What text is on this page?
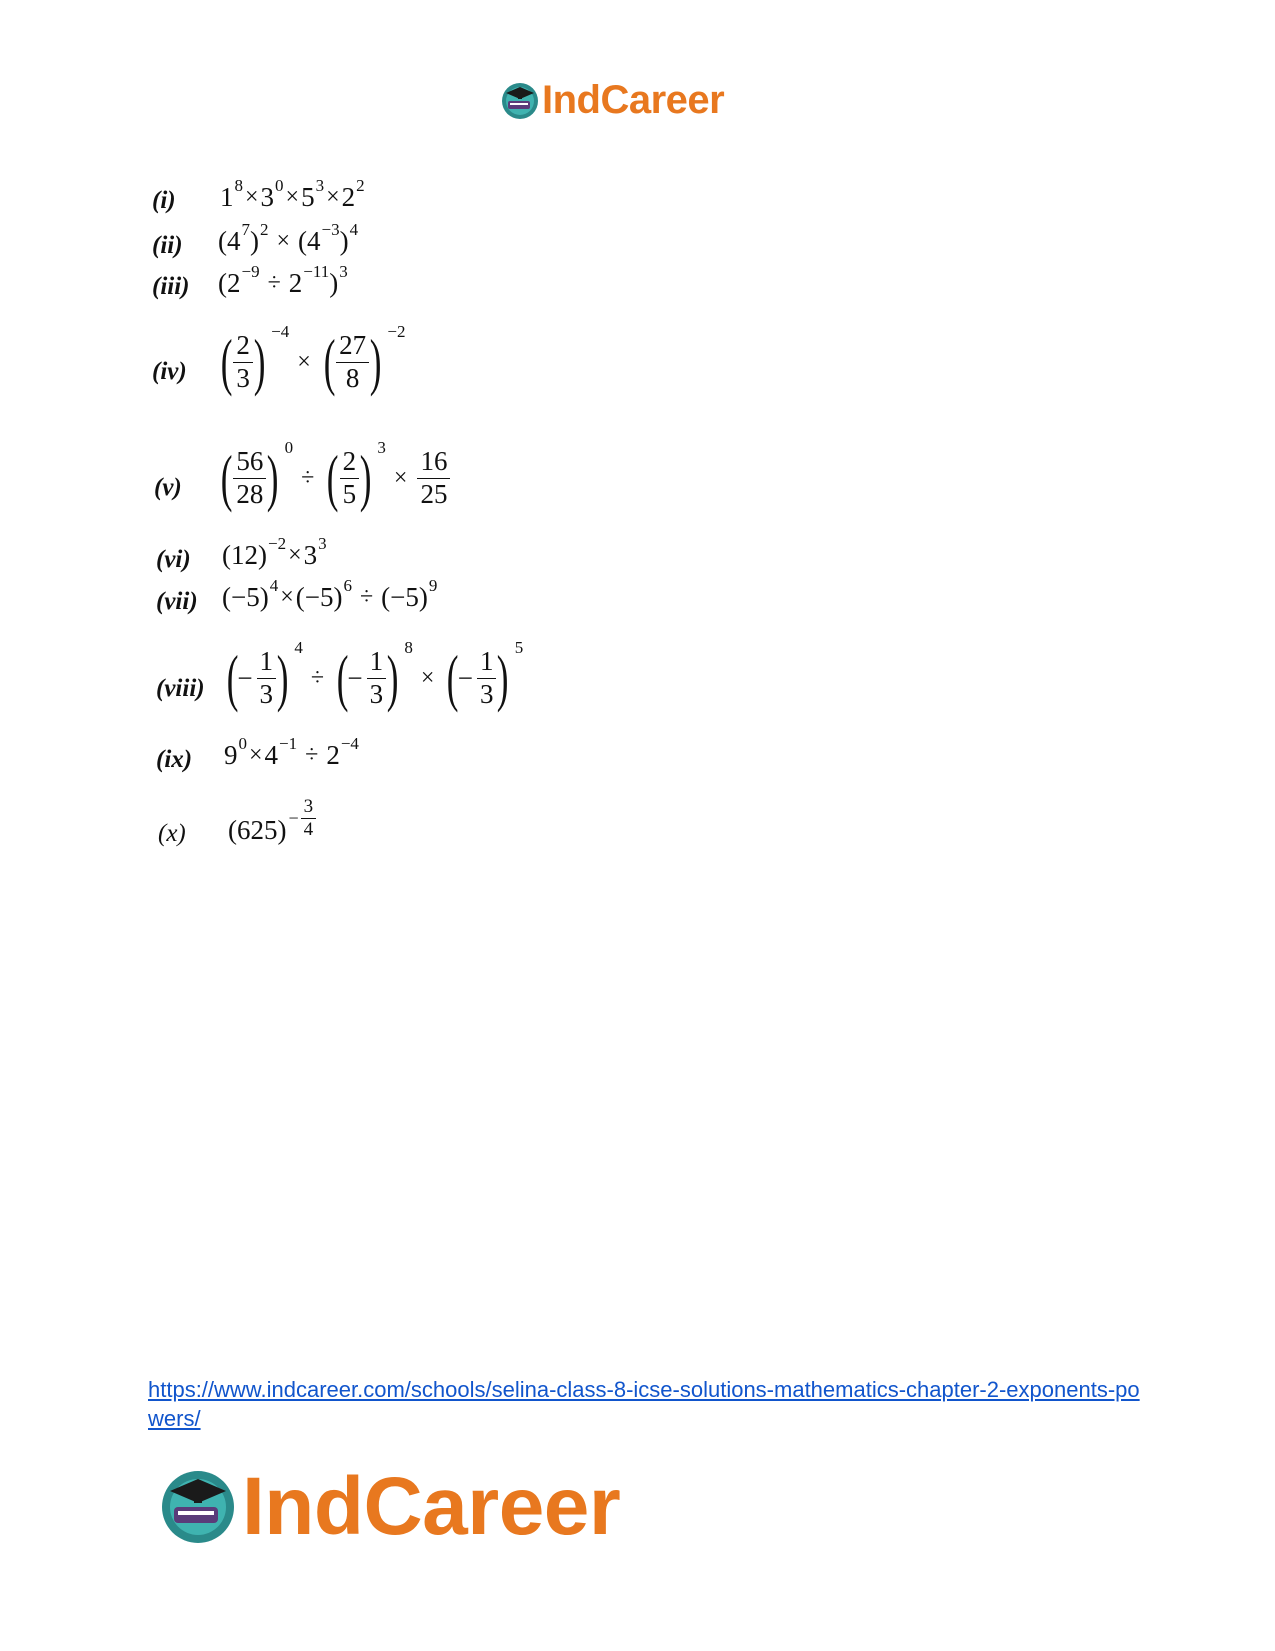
IndCareer
(i) $1^8 \times 3^0 \times 5^3 \times 2^2$
(ii) ($4^7$ )$^2 \times (4^{-3}$ )$^4$
(iii) ($2^{-9} \div 2^{-11}$ )$^3$
(iv) ( $\frac{2}{3}$ ) $^{-4}$
× ( $\frac{27}{8}$ ) $^{-2}$
(v) ( $\frac{56}{28}$ ) $^0$
÷ ( $\frac{2}{5}$ ) $^3$
× $\frac{16}{25}$
(vi) $(12)^{-2} \times 3^3$
(vii) $(-5)^4 \times (-5)^6 \div (-5)^9$
(viii) (
− $\frac{1}{3}$ ) $^4$
÷ (
− $\frac{1}{3}$ ) $^8$
× (
− $\frac{1}{3}$ ) $^5$
(ix) $9^0 \times 4^{-1} \div 2^{-4}$
(x) $(625) - \frac{3}{4}$
https://www.indcareer.com/schools/selina-class-8-icse-solutions-mathematics-chapter-2-exponents-powers/
IndCareer
